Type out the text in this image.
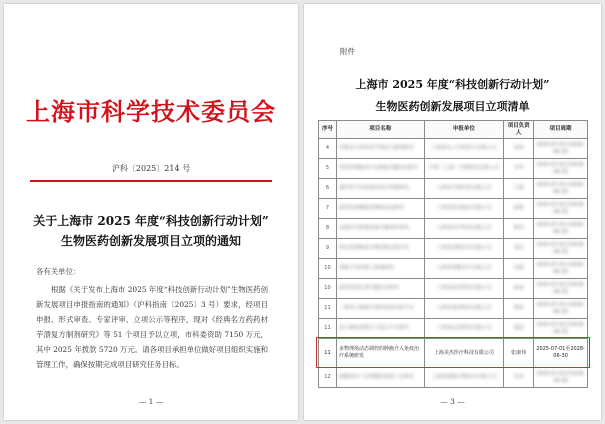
上海市科学技术委员会
沪科〔2025〕214 号
关于上海市 2025 年度“科技创新行动计划”
生物医药创新发展项目立项的通知
各有关单位：
根据《关于发布上海市 2025 年度“科技创新行动计划”生物医药创新发展项目申报指南的通知》（沪科指南〔2025〕3 号）要求，经项目申报、形式审查、专家评审、立项公示等程序，现对《经典名方药药材芋溃复方制剂研究》等 51 个项目予以立项，市科委资助 7150 万元，其中 2025 年拨款 5720 万元。请各项目承担单位做好项目组织实施和管理工作，确保按期完成项目研究任务目标。
— 1 —
附件
上海市 2025 年度“科技创新行动计划”
生物医药创新发展项目立项清单
序号	项目名称	申报单位	项目负责人	项目周期
4	经典名方药药材芋溃复方制剂研究	上海雷允上中药饮片有限公司	张明	2025-07-01至2028-06-30
5	TCR-T细胞治疗实体瘤关键技术研究	沪新（上海）生物科技有限公司	李华	2025-07-01至2028-06-30
6	遗传性罕见病基因治疗药物研发	上海某生物医药有限公司	王强	2025-07-01至2028-06-30
7	新型抗体偶联药物临床前研究	上海某药业股份有限公司	赵敏	2025-07-01至2028-06-30
8	高端医学影像设备关键部件研发	上海某医疗科技有限公司	陈伟	2025-07-01至2028-06-30
9	阿尔茨海默病早期诊断试剂开发	上海某诊断技术有限公司	周洁	2025-07-01至2028-06-30
10	智能手术机器人系统研发	上海某智能医疗有限公司	吴刚	2025-07-01至2028-06-30
10	新型疫苗佐剂关键技术研究	上海某疫苗科技有限公司	孙丽	2025-07-01至2028-06-30
11	一种用于肿瘤早筛的液体活检平台	上海某基因科技有限公司	郑涛	2025-07-01至2028-06-30
11	基于AI的药物分子设计平台研究	上海某信息科技有限公司	钱晨	2025-07-01至2028-06-30
11	多物理场动态调控的肿瘤介入免疫治疗系统研发	上海美杰医疗科技有限公司	张康伟	2025-07-01至2028-06-30
12	细胞治疗产品规模化制备工艺研究	上海某细胞生物技术有限公司	冯杰	2025-07-01至2028-06-30
— 3 —
